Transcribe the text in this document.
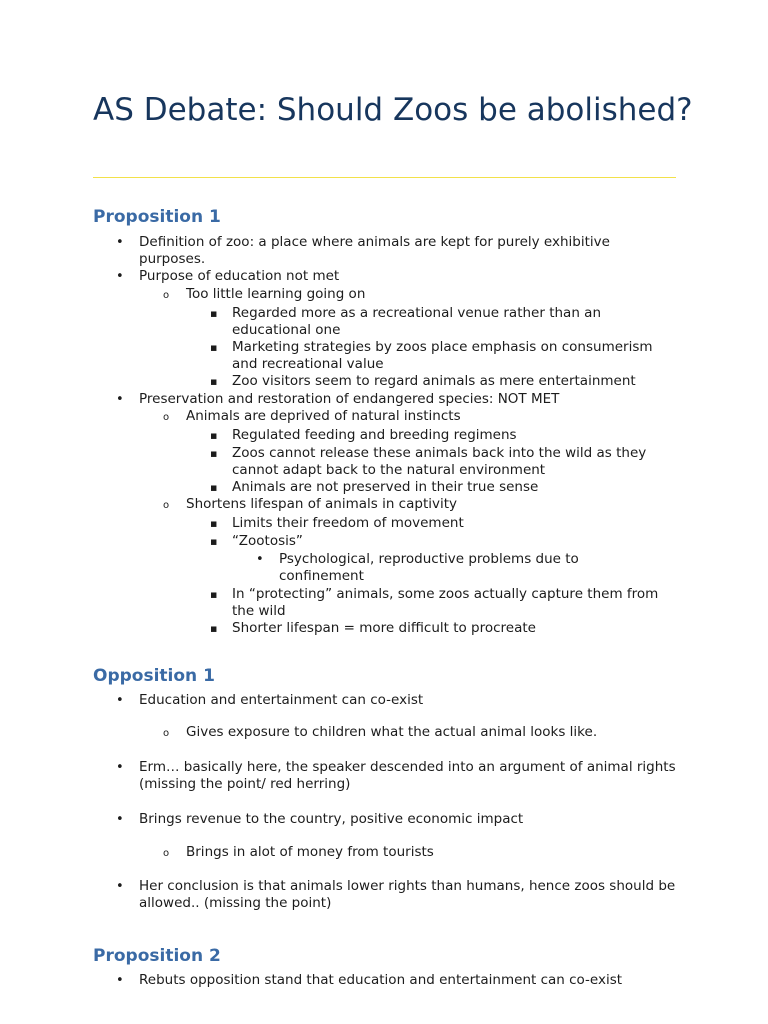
AS Debate: Should Zoos be abolished?
Proposition 1
•
Definition of zoo: a place where animals are kept for purely exhibitive purposes.
•
Purpose of education not met
o
Too little learning going on
▪
Regarded more as a recreational venue rather than an educational one
▪
Marketing strategies by zoos place emphasis on consumerism and recreational value
▪
Zoo visitors seem to regard animals as mere entertainment
•
Preservation and restoration of endangered species: NOT MET
o
Animals are deprived of natural instincts
▪
Regulated feeding and breeding regimens
▪
Zoos cannot release these animals back into the wild as they cannot adapt back to the natural environment
▪
Animals are not preserved in their true sense
o
Shortens lifespan of animals in captivity
▪
Limits their freedom of movement
▪
“Zootosis”
•
Psychological, reproductive problems due to confinement
▪
In “protecting” animals, some zoos actually capture them from the wild
▪
Shorter lifespan = more difficult to procreate
Opposition 1
•
Education and entertainment can co-exist
o
Gives exposure to children what the actual animal looks like.
•
Erm… basically here, the speaker descended into an argument of animal rights (missing the point/ red herring)
•
Brings revenue to the country, positive economic impact
o
Brings in alot of money from tourists
•
Her conclusion is that animals lower rights than humans, hence zoos should be allowed.. (missing the point)
Proposition 2
•
Rebuts opposition stand that education and entertainment can co-exist
